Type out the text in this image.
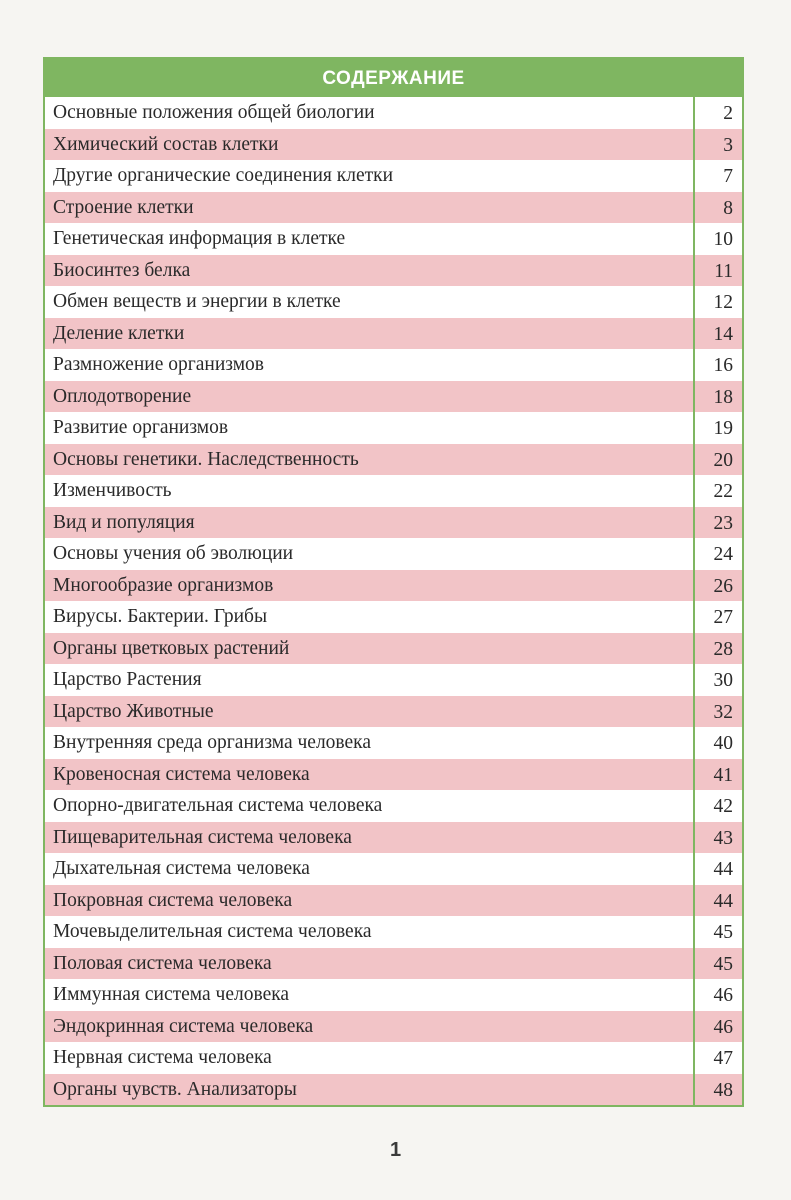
СОДЕРЖАНИЕ
Основные положения общей биологии	2
Химический состав клетки	3
Другие органические соединения клетки	7
Строение клетки	8
Генетическая информация в клетке	10
Биосинтез белка	11
Обмен веществ и энергии в клетке	12
Деление клетки	14
Размножение организмов	16
Оплодотворение	18
Развитие организмов	19
Основы генетики. Наследственность	20
Изменчивость	22
Вид и популяция	23
Основы учения об эволюции	24
Многообразие организмов	26
Вирусы. Бактерии. Грибы	27
Органы цветковых растений	28
Царство Растения	30
Царство Животные	32
Внутренняя среда организма человека	40
Кровеносная система человека	41
Опорно-двигательная система человека	42
Пищеварительная система человека	43
Дыхательная система человека	44
Покровная система человека	44
Мочевыделительная система человека	45
Половая система человека	45
Иммунная система человека	46
Эндокринная система человека	46
Нервная система человека	47
Органы чувств. Анализаторы	48
1
